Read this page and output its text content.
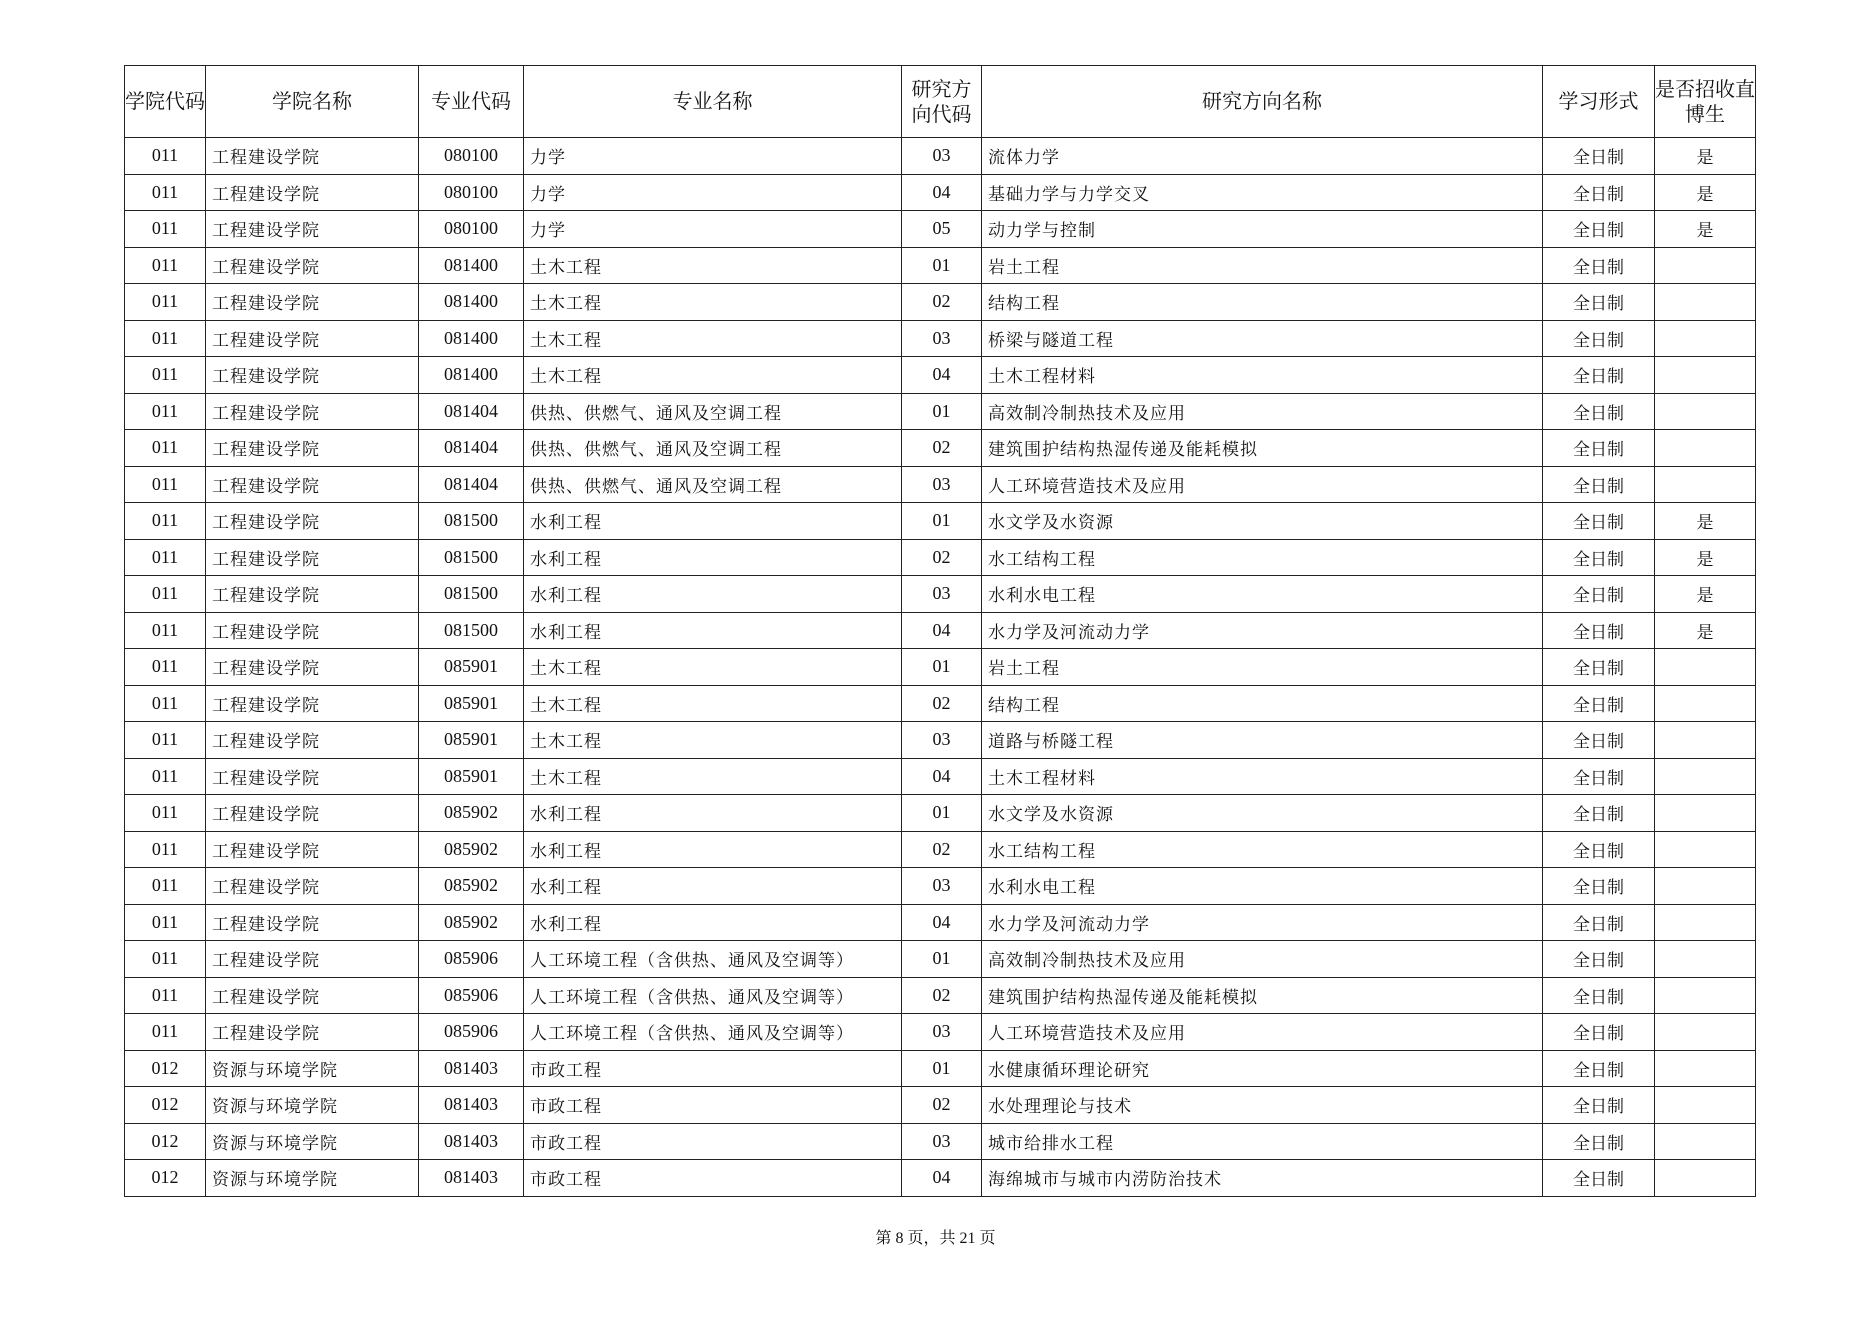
学院代码	学院名称	专业代码	专业名称	研究方向代码	研究方向名称	学习形式	是否招收直博生
011	工程建设学院	080100	力学	03	流体力学	全日制	是
011	工程建设学院	080100	力学	04	基础力学与力学交叉	全日制	是
011	工程建设学院	080100	力学	05	动力学与控制	全日制	是
011	工程建设学院	081400	土木工程	01	岩土工程	全日制	
011	工程建设学院	081400	土木工程	02	结构工程	全日制	
011	工程建设学院	081400	土木工程	03	桥梁与隧道工程	全日制	
011	工程建设学院	081400	土木工程	04	土木工程材料	全日制	
011	工程建设学院	081404	供热、供燃气、通风及空调工程	01	高效制冷制热技术及应用	全日制	
011	工程建设学院	081404	供热、供燃气、通风及空调工程	02	建筑围护结构热湿传递及能耗模拟	全日制	
011	工程建设学院	081404	供热、供燃气、通风及空调工程	03	人工环境营造技术及应用	全日制	
011	工程建设学院	081500	水利工程	01	水文学及水资源	全日制	是
011	工程建设学院	081500	水利工程	02	水工结构工程	全日制	是
011	工程建设学院	081500	水利工程	03	水利水电工程	全日制	是
011	工程建设学院	081500	水利工程	04	水力学及河流动力学	全日制	是
011	工程建设学院	085901	土木工程	01	岩土工程	全日制	
011	工程建设学院	085901	土木工程	02	结构工程	全日制	
011	工程建设学院	085901	土木工程	03	道路与桥隧工程	全日制	
011	工程建设学院	085901	土木工程	04	土木工程材料	全日制	
011	工程建设学院	085902	水利工程	01	水文学及水资源	全日制	
011	工程建设学院	085902	水利工程	02	水工结构工程	全日制	
011	工程建设学院	085902	水利工程	03	水利水电工程	全日制	
011	工程建设学院	085902	水利工程	04	水力学及河流动力学	全日制	
011	工程建设学院	085906	人工环境工程（含供热、通风及空调等）	01	高效制冷制热技术及应用	全日制	
011	工程建设学院	085906	人工环境工程（含供热、通风及空调等）	02	建筑围护结构热湿传递及能耗模拟	全日制	
011	工程建设学院	085906	人工环境工程（含供热、通风及空调等）	03	人工环境营造技术及应用	全日制	
012	资源与环境学院	081403	市政工程	01	水健康循环理论研究	全日制	
012	资源与环境学院	081403	市政工程	02	水处理理论与技术	全日制	
012	资源与环境学院	081403	市政工程	03	城市给排水工程	全日制	
012	资源与环境学院	081403	市政工程	04	海绵城市与城市内涝防治技术	全日制	
第 8 页，共 21 页
